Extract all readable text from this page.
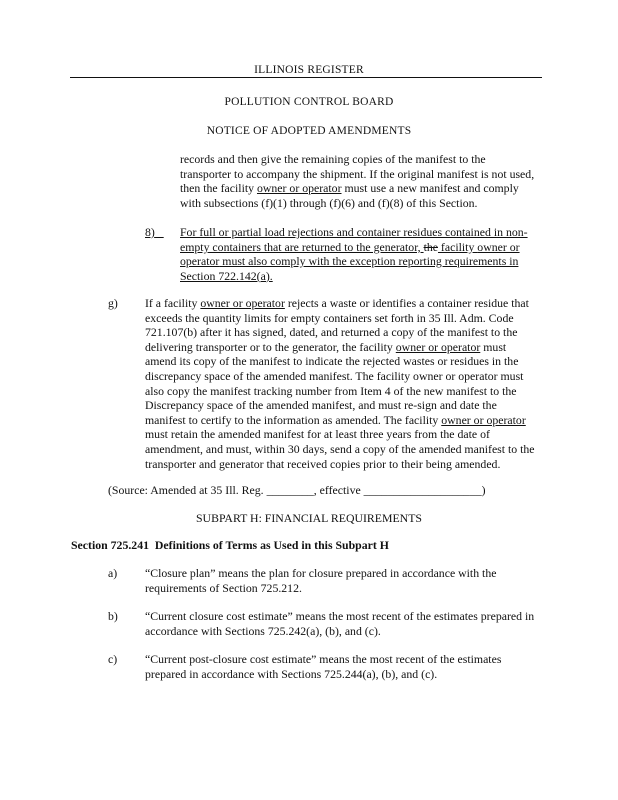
ILLINOIS REGISTER
POLLUTION CONTROL BOARD
NOTICE OF ADOPTED AMENDMENTS
records and then give the remaining copies of the manifest to the
transporter to accompany the shipment. If the original manifest is not used,
then the facility owner or operator must use a new manifest and comply
with subsections (f)(1) through (f)(6) and (f)(8) of this Section.
8)	For full or partial load rejections and container residues contained in non-
empty containers that are returned to the generator, the facility owner or
operator must also comply with the exception reporting requirements in
Section 722.142(a).
g) If a facility owner or operator rejects a waste or identifies a container residue that
exceeds the quantity limits for empty containers set forth in 35 Ill. Adm. Code
721.107(b) after it has signed, dated, and returned a copy of the manifest to the
delivering transporter or to the generator, the facility owner or operator must
amend its copy of the manifest to indicate the rejected wastes or residues in the
discrepancy space of the amended manifest. The facility owner or operator must
also copy the manifest tracking number from Item 4 of the new manifest to the
Discrepancy space of the amended manifest, and must re-sign and date the
manifest to certify to the information as amended. The facility owner or operator
must retain the amended manifest for at least three years from the date of
amendment, and must, within 30 days, send a copy of the amended manifest to the
transporter and generator that received copies prior to their being amended.
(Source: Amended at 35 Ill. Reg. ________, effective ____________________)
SUBPART H: FINANCIAL REQUIREMENTS
Section 725.241 Definitions of Terms as Used in this Subpart H
a) “Closure plan” means the plan for closure prepared in accordance with the
requirements of Section 725.212.
b) “Current closure cost estimate” means the most recent of the estimates prepared in
accordance with Sections 725.242(a), (b), and (c).
c) “Current post-closure cost estimate” means the most recent of the estimates
prepared in accordance with Sections 725.244(a), (b), and (c).
